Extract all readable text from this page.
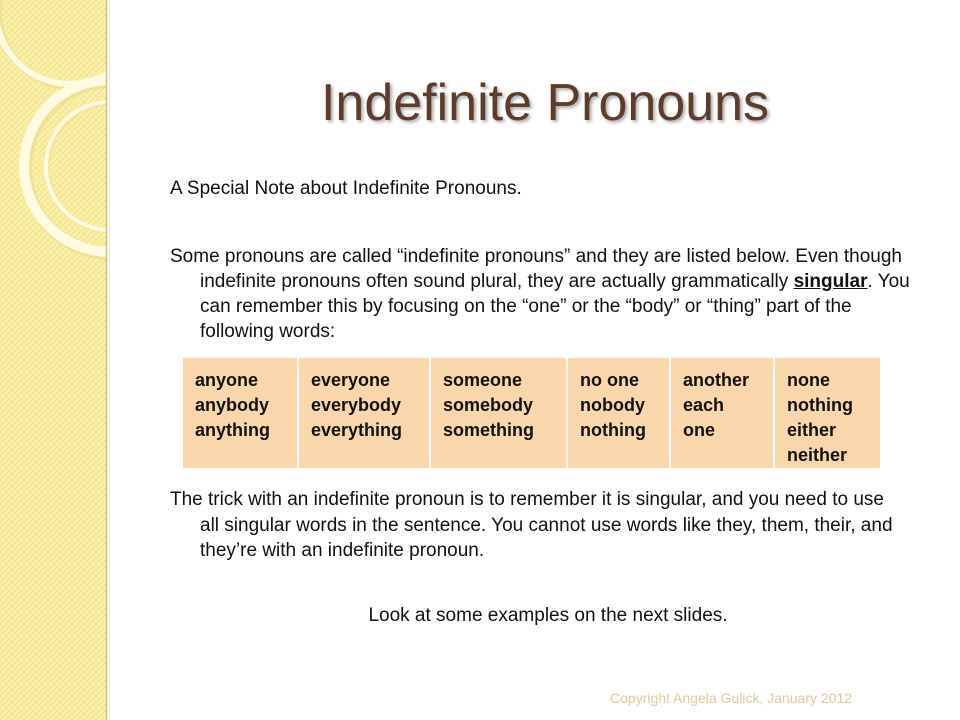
Indefinite Pronouns
A Special Note about Indefinite Pronouns.
Some pronouns are called “indefinite pronouns” and they are listed below. Even though
indefinite pronouns often sound plural, they are actually grammatically singular. You
can remember this by focusing on the “one” or the “body” or “thing” part of the
following words:
anyone
anybody
anything
everyone
everybody
everything
someone
somebody
something
no one
nobody
nothing
another
each
one
none
nothing
either
neither
The trick with an indefinite pronoun is to remember it is singular, and you need to use
all singular words in the sentence. You cannot use words like they, them, their, and
they’re with an indefinite pronoun.
Look at some examples on the next slides.
Copyright Angela Gulick, January 2012
